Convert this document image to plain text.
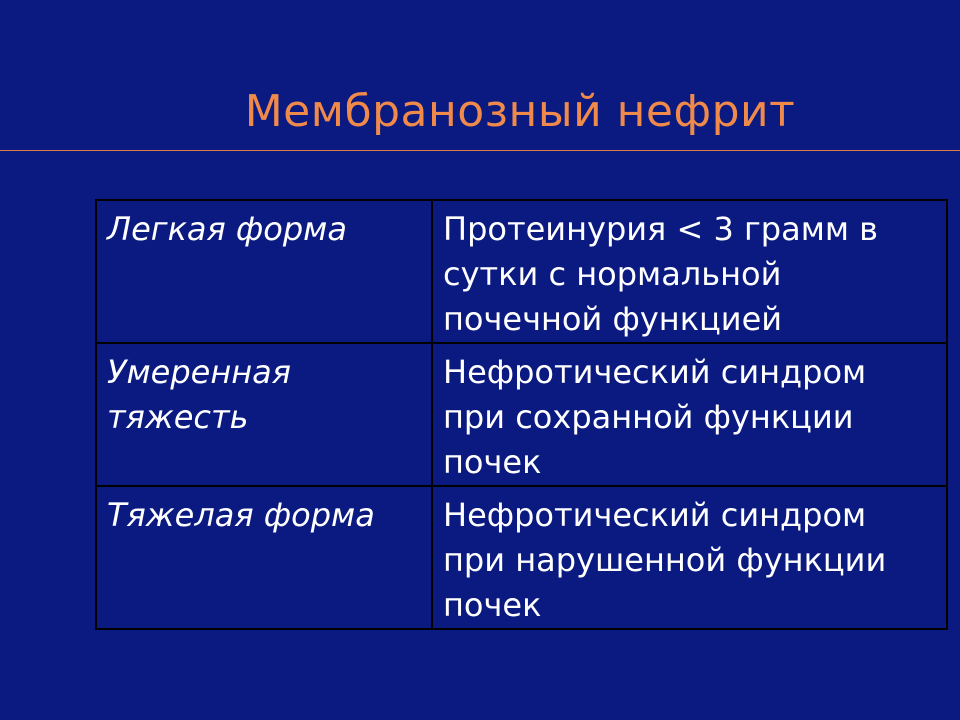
Мембранозный нефрит
Легкая форма	Протеинурия < 3 грамм в сутки с нормальной почечной функцией
Умеренная тяжесть	Нефротический синдром при сохранной функции почек
Тяжелая форма	Нефротический синдром при нарушенной функции почек
